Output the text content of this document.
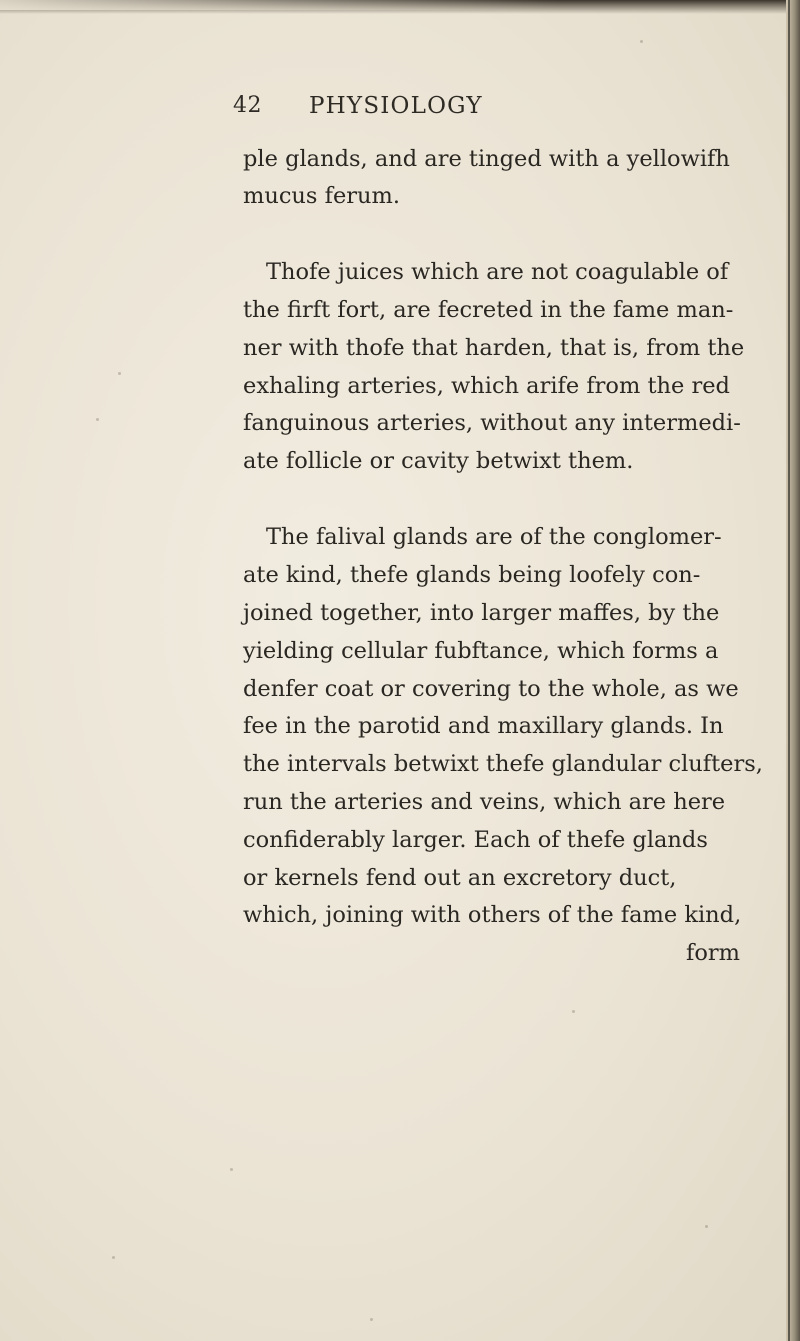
42 PHYSIOLOGY
ple glands, and are tinged with a yellowifh
mucus ferum.
Thofe juices which are not coagulable of
the firft fort, are fecreted in the fame man-
ner with thofe that harden, that is, from the
exhaling arteries, which arife from the red
fanguinous arteries, without any intermedi-
ate follicle or cavity betwixt them.
The falival glands are of the conglomer-
ate kind, thefe glands being loofely con-
joined together, into larger maffes, by the
yielding cellular fubftance, which forms a
denfer coat or covering to the whole, as we
fee in the parotid and maxillary glands. In
the intervals betwixt thefe glandular clufters,
run the arteries and veins, which are here
confiderably larger. Each of thefe glands
or kernels fend out an excretory duct,
which, joining with others of the fame kind,
form
